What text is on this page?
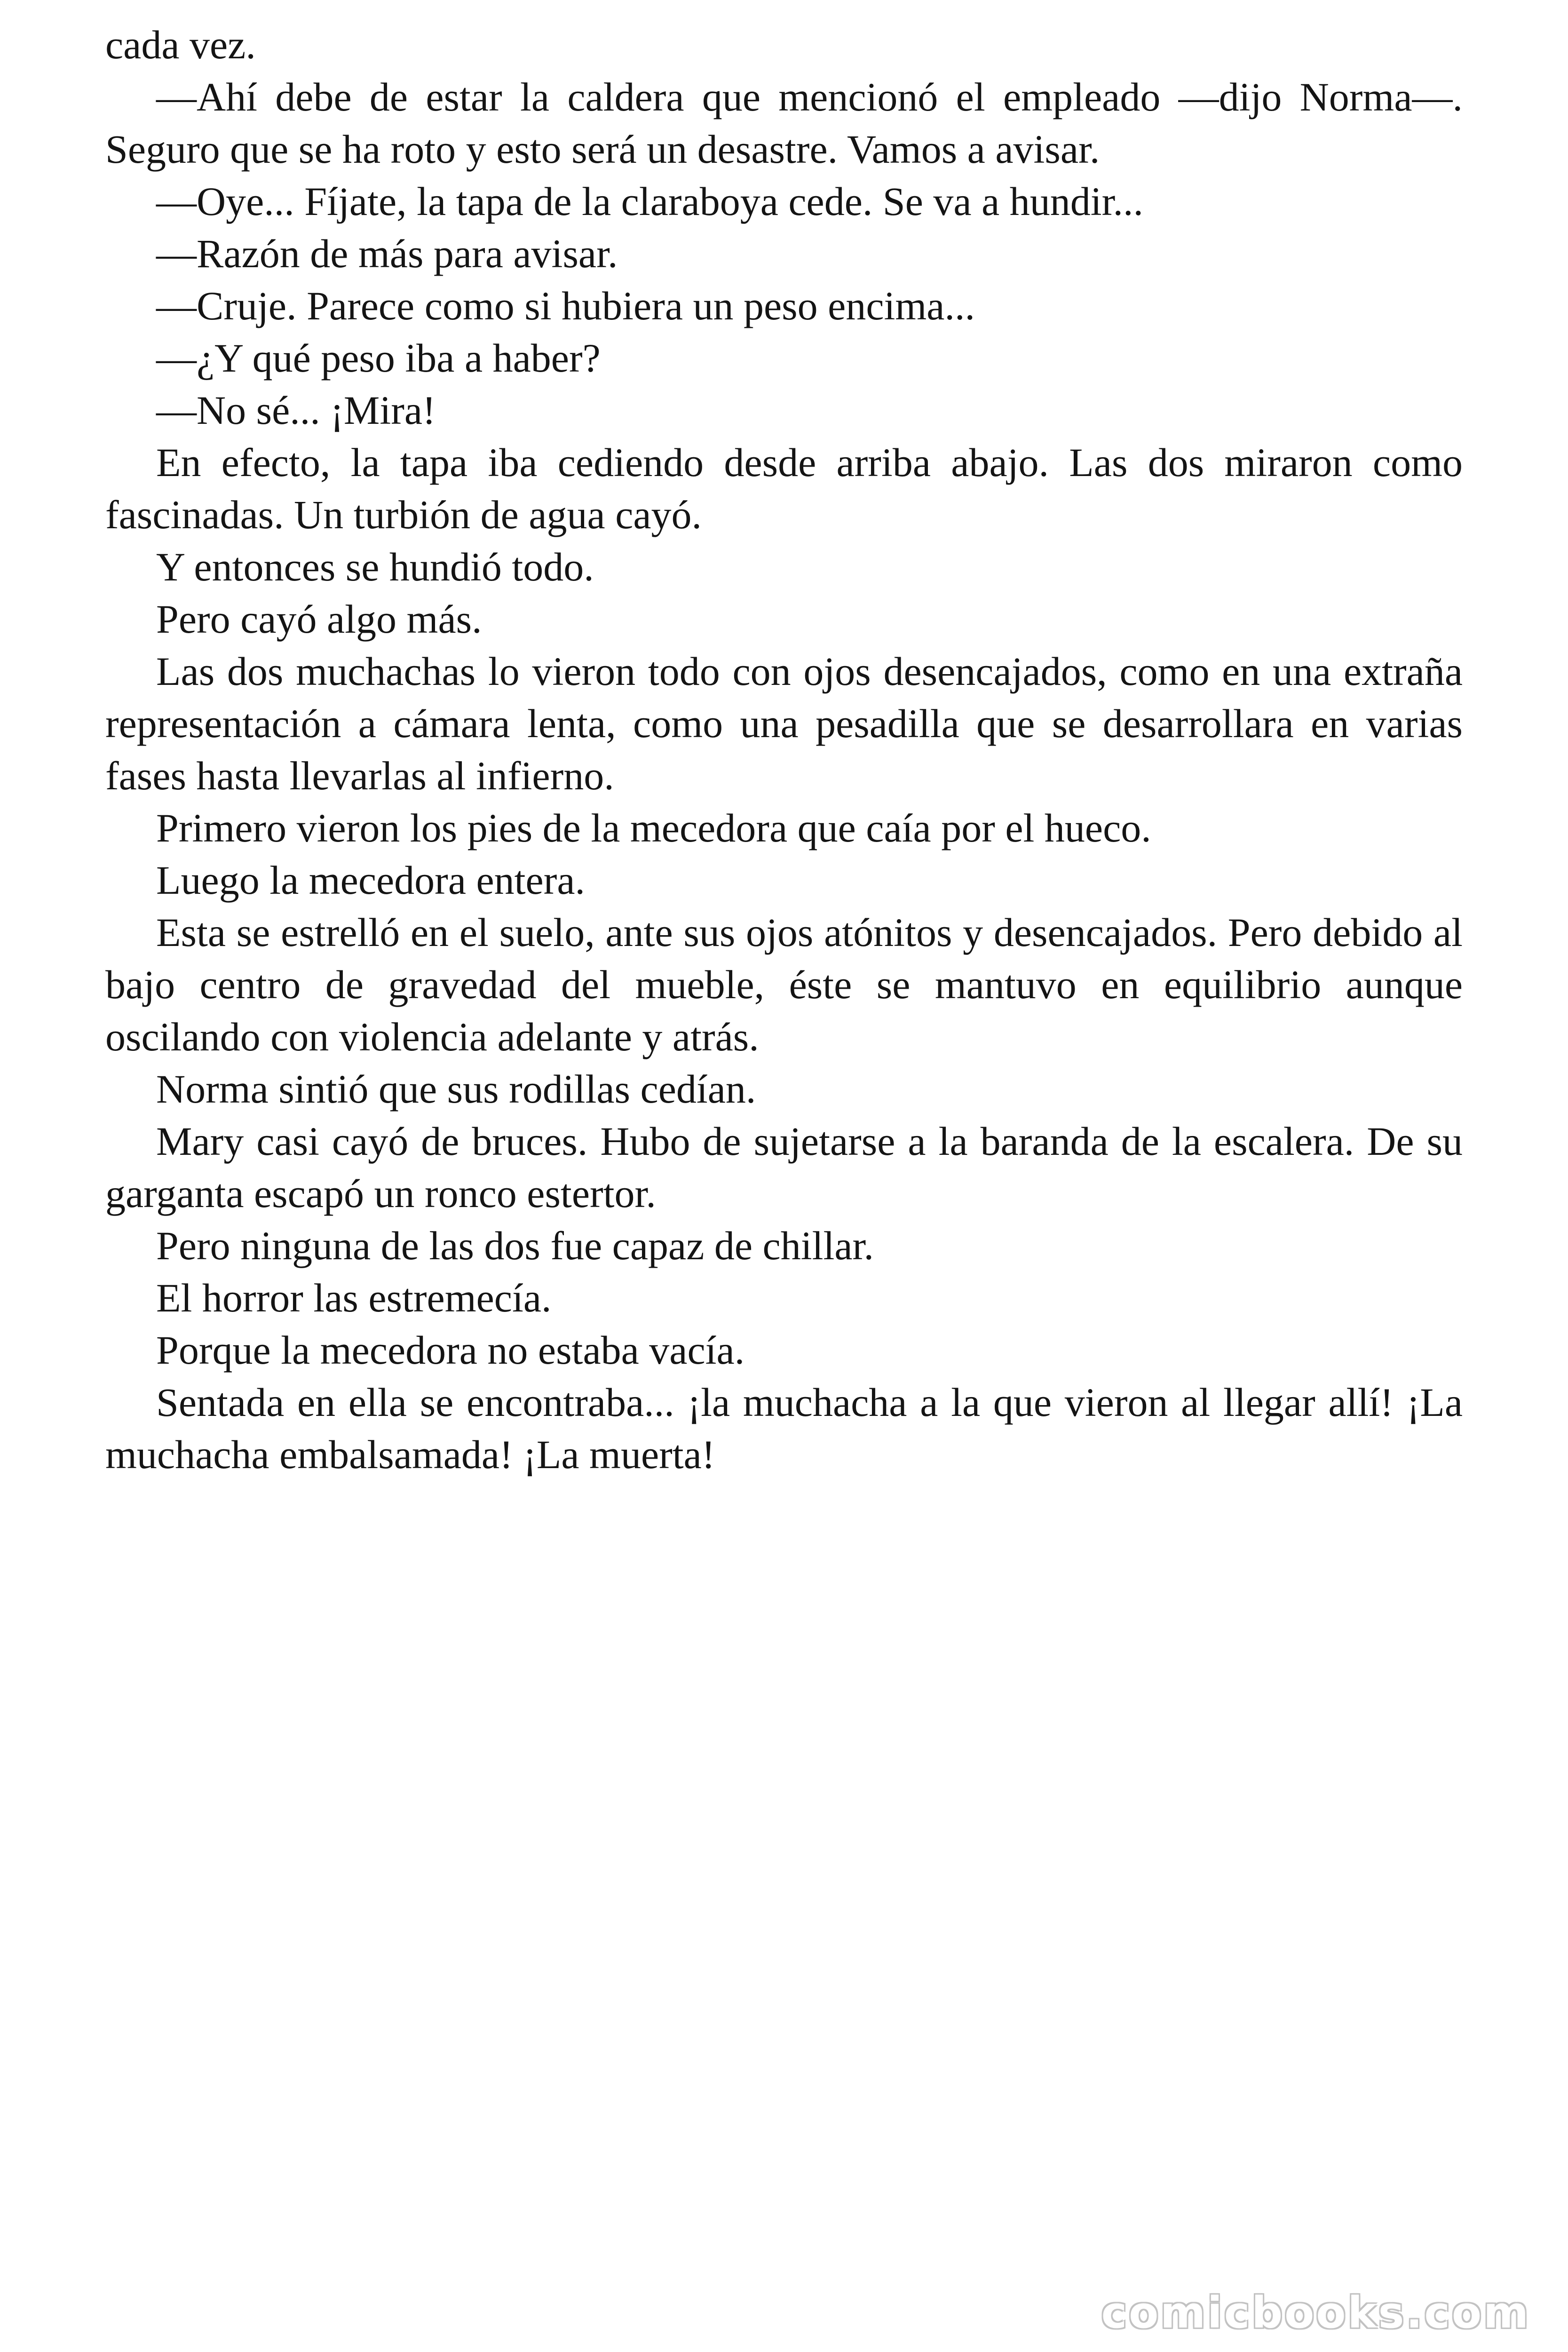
cada vez.

—Ahí debe de estar la caldera que mencionó el empleado —dijo Norma—. Seguro que se ha roto y esto será un desastre. Vamos a avisar.

—Oye... Fíjate, la tapa de la claraboya cede. Se va a hundir...

—Razón de más para avisar.

—Cruje. Parece como si hubiera un peso encima...

—¿Y qué peso iba a haber?

—No sé... ¡Mira!

En efecto, la tapa iba cediendo desde arriba abajo. Las dos miraron como fascinadas. Un turbión de agua cayó.

Y entonces se hundió todo.

Pero cayó algo más.

Las dos muchachas lo vieron todo con ojos desencajados, como en una extraña representación a cámara lenta, como una pesadilla que se desarrollara en varias fases hasta llevarlas al infierno.

Primero vieron los pies de la mecedora que caía por el hueco.

Luego la mecedora entera.

Esta se estrelló en el suelo, ante sus ojos atónitos y desencajados. Pero debido al bajo centro de gravedad del mueble, éste se mantuvo en equilibrio aunque oscilando con violencia adelante y atrás.

Norma sintió que sus rodillas cedían.

Mary casi cayó de bruces. Hubo de sujetarse a la baranda de la escalera. De su garganta escapó un ronco estertor.

Pero ninguna de las dos fue capaz de chillar.

El horror las estremecía.

Porque la mecedora no estaba vacía.

Sentada en ella se encontraba... ¡la muchacha a la que vieron al llegar allí! ¡La muchacha embalsamada! ¡La muerta!

comicbooks.com
